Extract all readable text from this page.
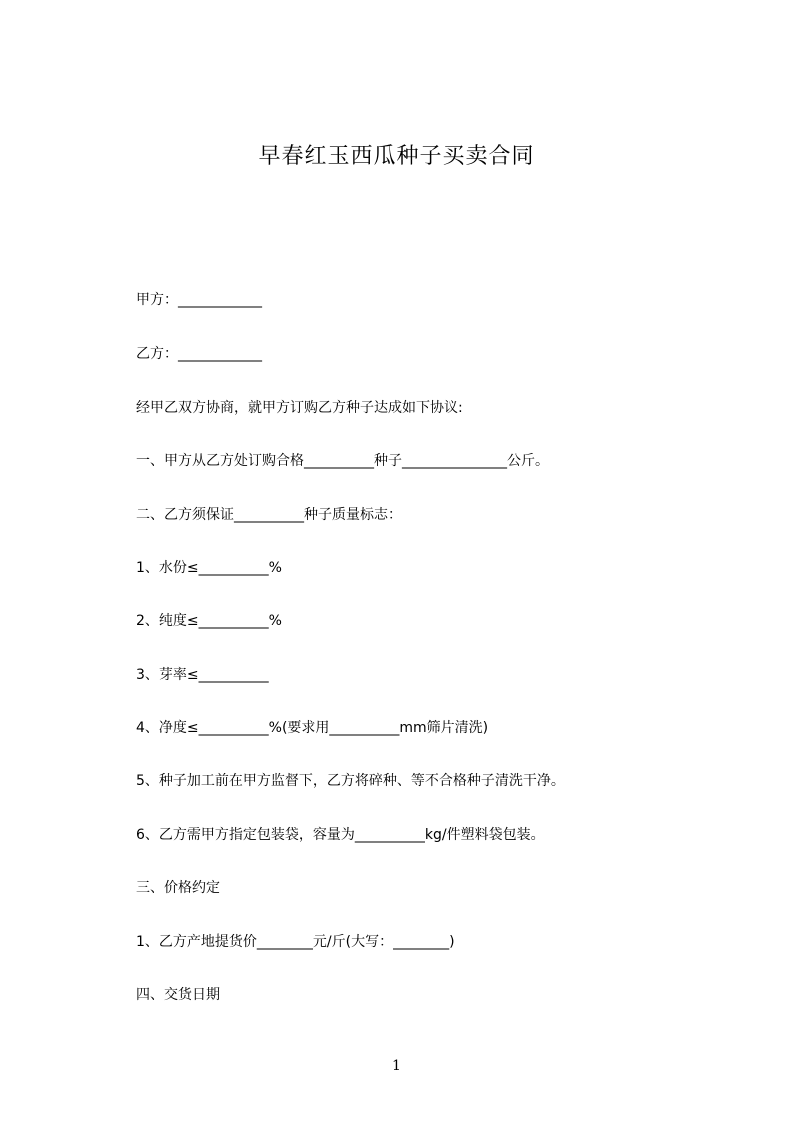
早春红玉西瓜种子买卖合同
甲方：____________
乙方：____________
经甲乙双方协商，就甲方订购乙方种子达成如下协议:
一、甲方从乙方处订购合格__________种子_______________公斤。
二、乙方须保证__________种子质量标志：
1、水份≤__________%
2、纯度≤__________%
3、芽率≤__________
4、净度≤__________%(要求用__________mm筛片清洗)
5、种子加工前在甲方监督下，乙方将碎种、等不合格种子清洗干净。
6、乙方需甲方指定包装袋，容量为__________kg/件塑料袋包装。
三、价格约定
1、乙方产地提货价________元/斤(大写：________)
四、交货日期
1
